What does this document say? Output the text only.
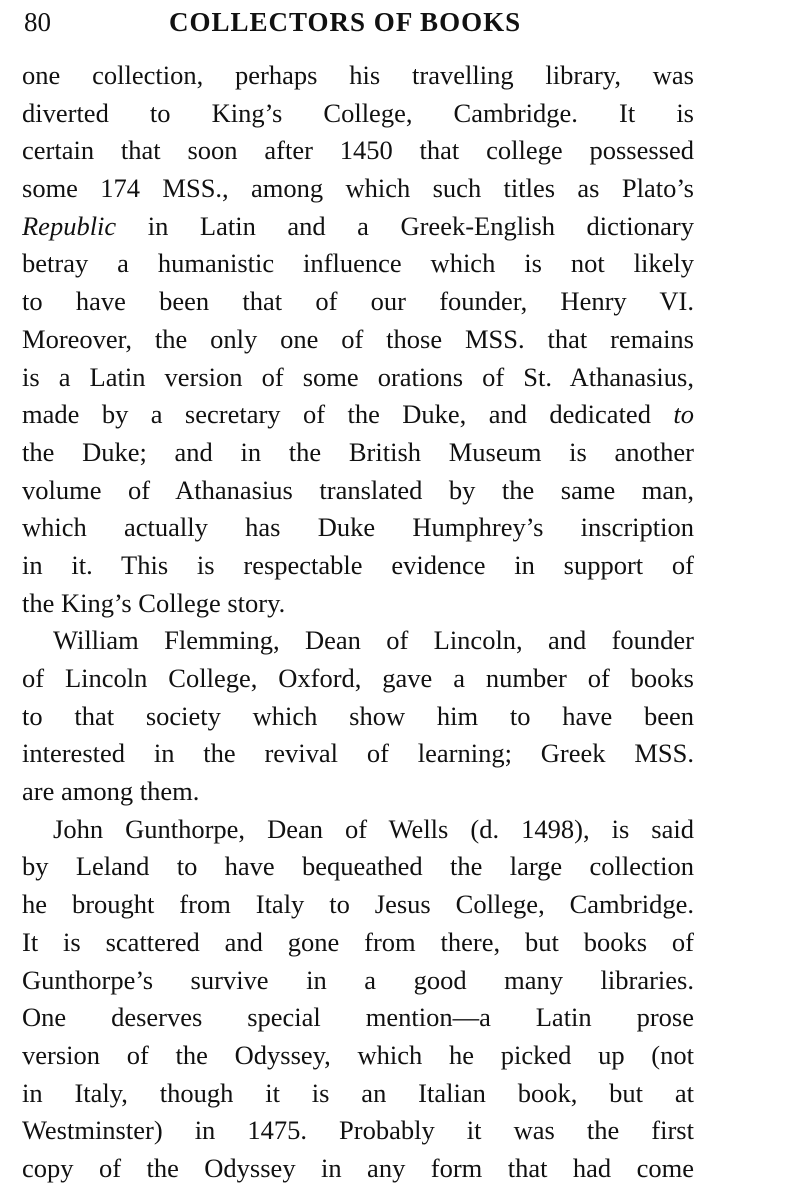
80	COLLECTORS OF BOOKS
one collection, perhaps his travelling library, was
diverted to King’s College, Cambridge. It is
certain that soon after 1450 that college possessed
some 174 MSS., among which such titles as Plato’s
Republic in Latin and a Greek-English dictionary
betray a humanistic influence which is not likely
to have been that of our founder, Henry VI.
Moreover, the only one of those MSS. that remains
is a Latin version of some orations of St. Athanasius,
made by a secretary of the Duke, and dedicated to
the Duke; and in the British Museum is another
volume of Athanasius translated by the same man,
which actually has Duke Humphrey’s inscription
in it. This is respectable evidence in support of
the King’s College story.
William Flemming, Dean of Lincoln, and founder
of Lincoln College, Oxford, gave a number of books
to that society which show him to have been
interested in the revival of learning; Greek MSS.
are among them.
John Gunthorpe, Dean of Wells (d. 1498), is said
by Leland to have bequeathed the large collection
he brought from Italy to Jesus College, Cambridge.
It is scattered and gone from there, but books of
Gunthorpe’s survive in a good many libraries.
One deserves special mention—a Latin prose
version of the Odyssey, which he picked up (not
in Italy, though it is an Italian book, but at
Westminster) in 1475. Probably it was the first
copy of the Odyssey in any form that had come
